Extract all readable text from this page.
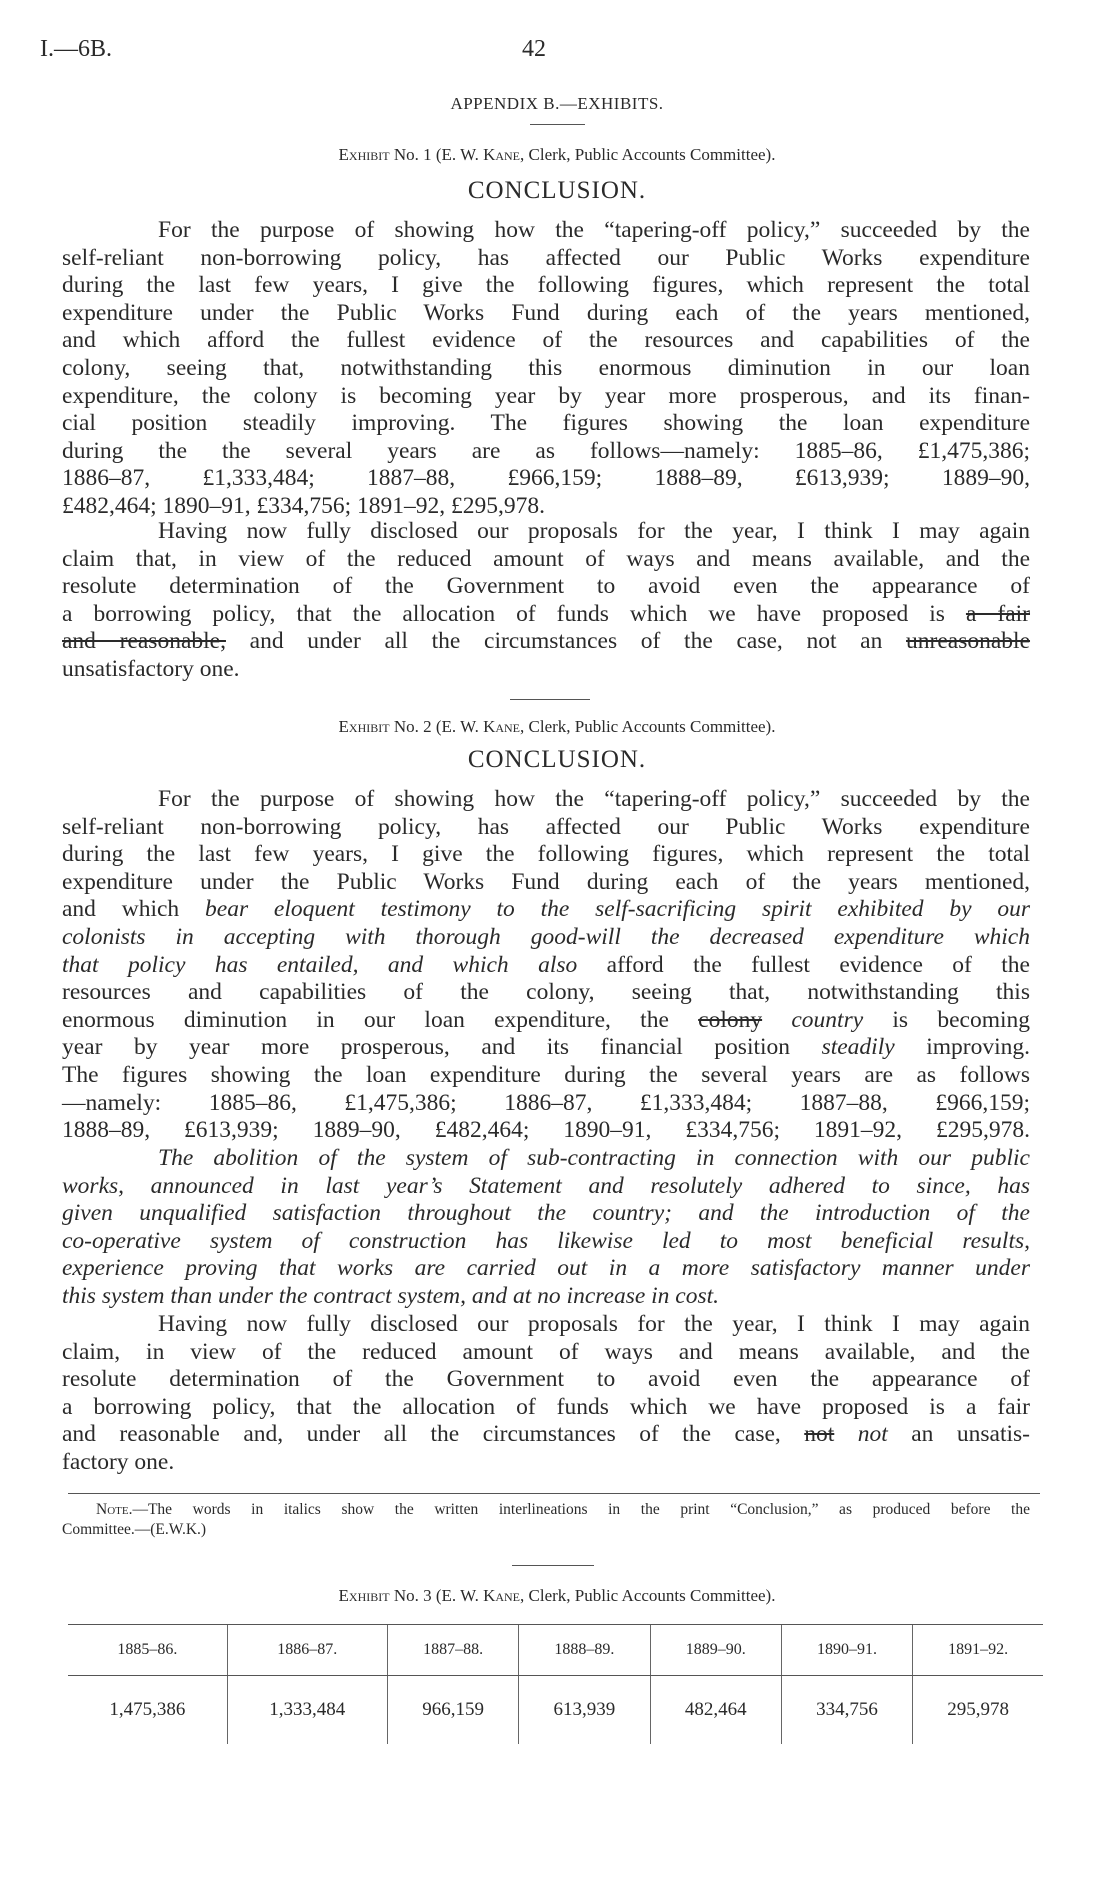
I.—6B.	42
APPENDIX B.—EXHIBITS.
Exhibit No. 1 (E. W. Kane, Clerk, Public Accounts Committee).
CONCLUSION.
For the purpose of showing how the “tapering-off policy,” succeeded by the
self-reliant non-borrowing policy, has affected our Public Works expenditure
during the last few years, I give the following figures, which represent the total
expenditure under the Public Works Fund during each of the years mentioned,
and which afford the fullest evidence of the resources and capabilities of the
colony, seeing that, notwithstanding this enormous diminution in our loan
expenditure, the colony is becoming year by year more prosperous, and its finan-
cial position steadily improving. The figures showing the loan expenditure
during the the several years are as follows—namely: 1885–86, £1,475,386;
1886–87, £1,333,484; 1887–88, £966,159; 1888–89, £613,939; 1889–90,
£482,464; 1890–91, £334,756; 1891–92, £295,978.
Having now fully disclosed our proposals for the year, I think I may again
claim that, in view of the reduced amount of ways and means available, and the
resolute determination of the Government to avoid even the appearance of
a borrowing policy, that the allocation of funds which we have proposed is a fair
and reasonable, and under all the circumstances of the case, not an unreasonable
unsatisfactory one.
Exhibit No. 2 (E. W. Kane, Clerk, Public Accounts Committee).
CONCLUSION.
For the purpose of showing how the “tapering-off policy,” succeeded by the
self-reliant non-borrowing policy, has affected our Public Works expenditure
during the last few years, I give the following figures, which represent the total
expenditure under the Public Works Fund during each of the years mentioned,
and which bear eloquent testimony to the self-sacrificing spirit exhibited by our
colonists in accepting with thorough good-will the decreased expenditure which
that policy has entailed, and which also afford the fullest evidence of the
resources and capabilities of the colony, seeing that, notwithstanding this
enormous diminution in our loan expenditure, the colony country is becoming
year by year more prosperous, and its financial position steadily improving.
The figures showing the loan expenditure during the several years are as follows
—namely: 1885–86, £1,475,386; 1886–87, £1,333,484; 1887–88, £966,159;
1888–89, £613,939; 1889–90, £482,464; 1890–91, £334,756; 1891–92, £295,978.
The abolition of the system of sub-contracting in connection with our public
works, announced in last year’s Statement and resolutely adhered to since, has
given unqualified satisfaction throughout the country; and the introduction of the
co-operative system of construction has likewise led to most beneficial results,
experience proving that works are carried out in a more satisfactory manner under
this system than under the contract system, and at no increase in cost.
Having now fully disclosed our proposals for the year, I think I may again
claim, in view of the reduced amount of ways and means available, and the
resolute determination of the Government to avoid even the appearance of
a borrowing policy, that the allocation of funds which we have proposed is a fair
and reasonable and, under all the circumstances of the case, not not an unsatis-
factory one.
Note.—The words in italics show the written interlineations in the print “Conclusion,” as produced before the
Committee.—(E.W.K.)
Exhibit No. 3 (E. W. Kane, Clerk, Public Accounts Committee).
1885–86.	1886–87.	1887–88.	1888–89.	1889–90.	1890–91.	1891–92.
1,475,386	1,333,484	966,159	613,939	482,464	334,756	295,978
